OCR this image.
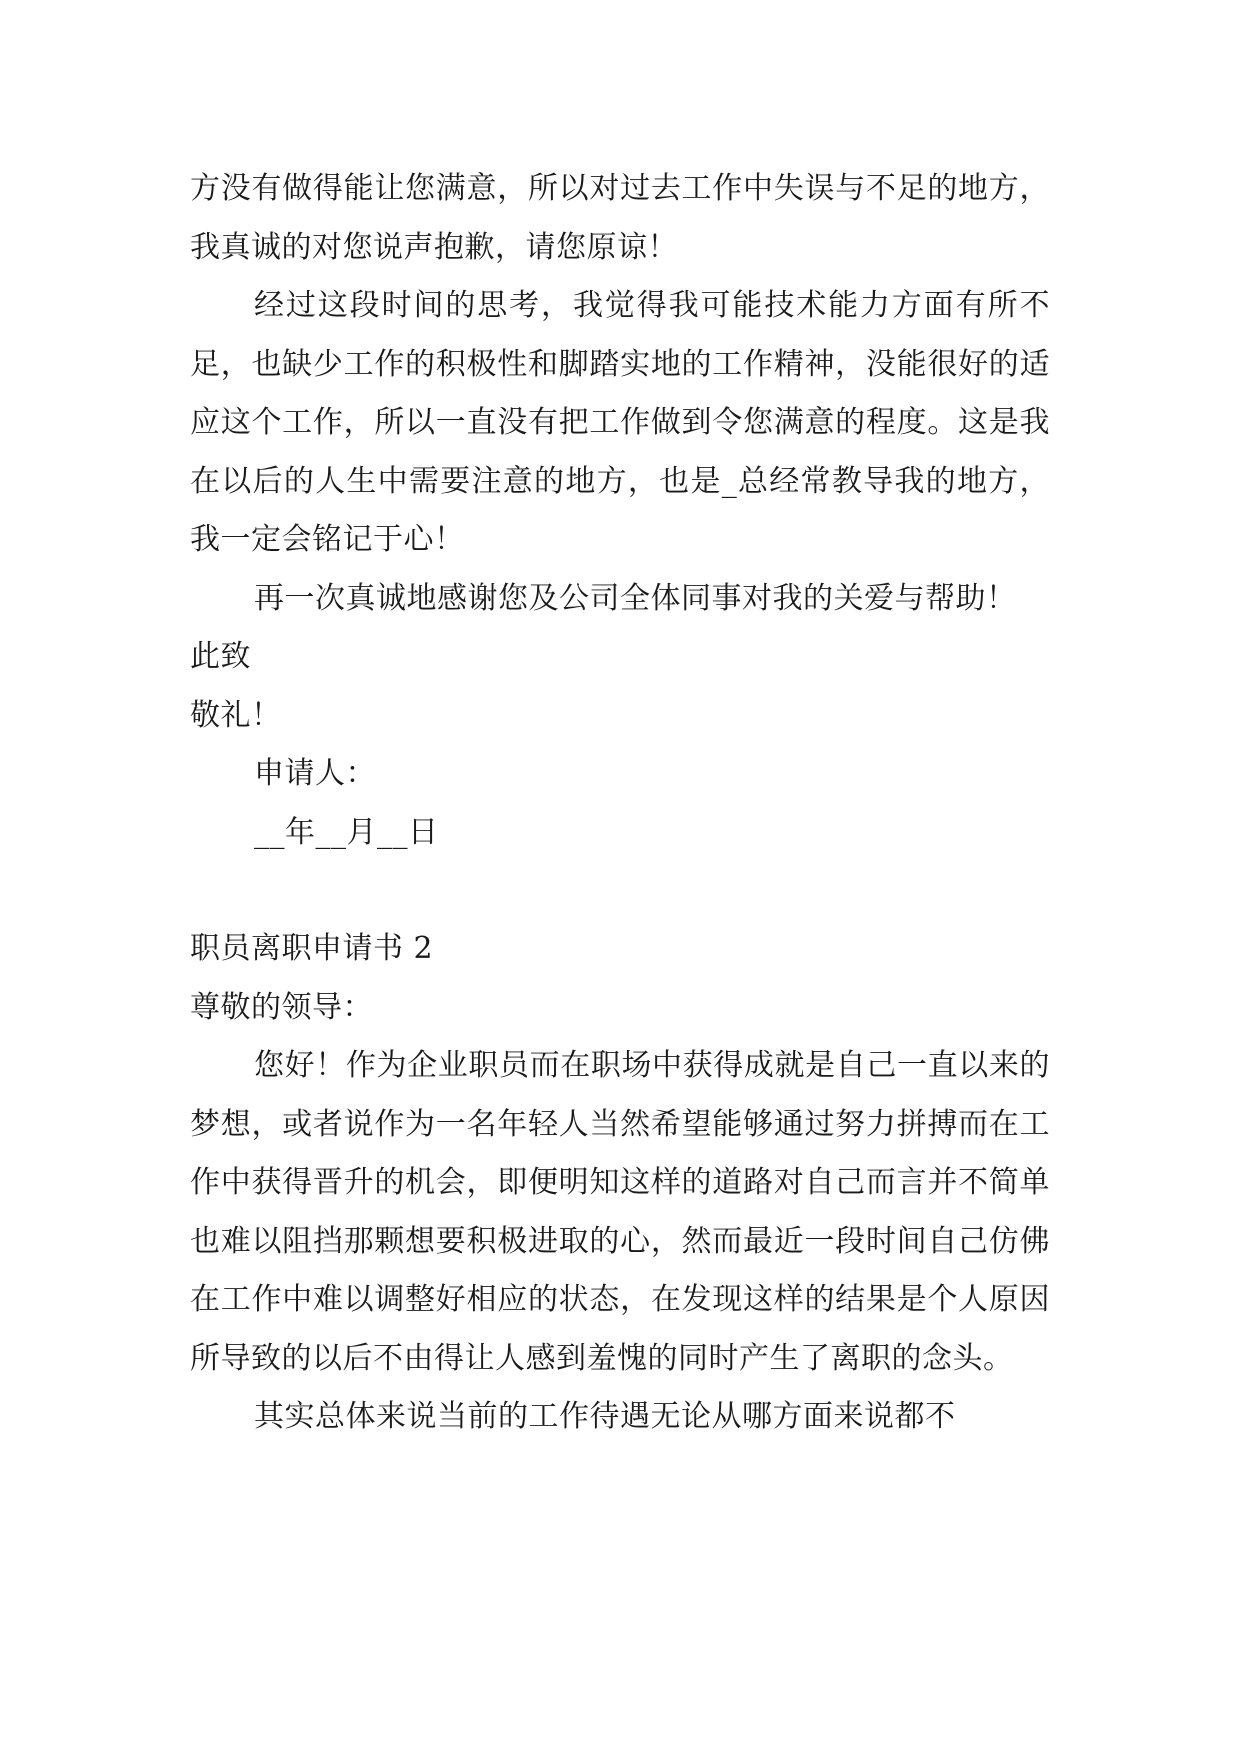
方没有做得能让您满意，所以对过去工作中失误与不足的地方，我真诚的对您说声抱歉，请您原谅！

经过这段时间的思考，我觉得我可能技术能力方面有所不足，也缺少工作的积极性和脚踏实地的工作精神，没能很好的适应这个工作，所以一直没有把工作做到令您满意的程度。这是我在以后的人生中需要注意的地方，也是_总经常教导我的地方，我一定会铭记于心！

再一次真诚地感谢您及公司全体同事对我的关爱与帮助！

此致

敬礼！

申请人：

__年__月__日

职员离职申请书 2

尊敬的领导：

您好！作为企业职员而在职场中获得成就是自己一直以来的梦想，或者说作为一名年轻人当然希望能够通过努力拼搏而在工作中获得晋升的机会，即便明知这样的道路对自己而言并不简单也难以阻挡那颗想要积极进取的心，然而最近一段时间自己仿佛在工作中难以调整好相应的状态，在发现这样的结果是个人原因所导致的以后不由得让人感到羞愧的同时产生了离职的念头。

其实总体来说当前的工作待遇无论从哪方面来说都不
